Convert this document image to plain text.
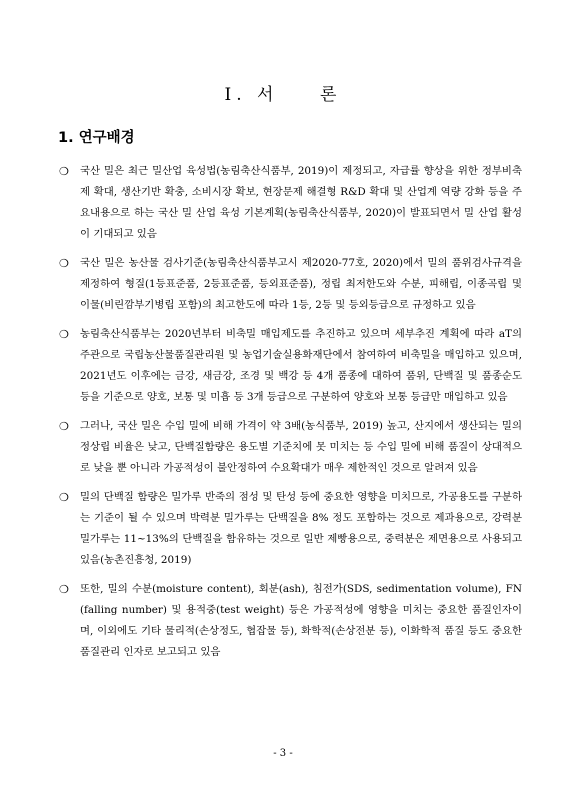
Ⅰ. 서    론
1. 연구배경
❍ 국산 밀은 최근 밀산업 육성법(농림축산식품부, 2019)이 제정되고, 자급률 향상을 위한 정부비축제 확대, 생산기반 확충, 소비시장 확보, 현장문제 해결형 R&D 확대 및 산업계 역량 강화 등을 주요내용으로 하는 국산 밀 산업 육성 기본계획(농림축산식품부, 2020)이 발표되면서 밀 산업 활성이 기대되고 있음
❍ 국산 밀은 농산물 검사기준(농림축산식품부고시 제2020-77호, 2020)에서 밀의 품위검사규격을 제정하여 형질(1등표준품, 2등표준품, 등외표준품), 정립 최저한도와 수분, 피해립, 이종곡립 및 이물(비린깜부기병립 포함)의 최고한도에 따라 1등, 2등 및 등외등급으로 규정하고 있음
❍ 농림축산식품부는 2020년부터 비축밀 매입제도를 추진하고 있으며 세부추진 계획에 따라 aT의 주관으로 국립농산물품질관리원 및 농업기술실용화재단에서 참여하여 비축밀을 매입하고 있으며, 2021년도 이후에는 금강, 새금강, 조경 및 백강 등 4개 품종에 대하여 품위, 단백질 및 품종순도 등을 기준으로 양호, 보통 및 미흡 등 3개 등급으로 구분하여 양호와 보통 등급만 매입하고 있음
❍ 그러나, 국산 밀은 수입 밀에 비해 가격이 약 3배(농식품부, 2019) 높고, 산지에서 생산되는 밀의 정상립 비율은 낮고, 단백질함량은 용도별 기준치에 못 미치는 등 수입 밀에 비해 품질이 상대적으로 낮을 뿐 아니라 가공적성이 불안정하여 수요확대가 매우 제한적인 것으로 알려져 있음
❍ 밀의 단백질 함량은 밀가루 반죽의 점성 및 탄성 등에 중요한 영향을 미치므로, 가공용도를 구분하는 기준이 될 수 있으며 박력분 밀가루는 단백질을 8% 정도 포함하는 것으로 제과용으로, 강력분 밀가루는 11~13%의 단백질을 함유하는 것으로 일반 제빵용으로, 중력분은 제면용으로 사용되고 있음(농촌진흥청, 2019)
❍ 또한, 밀의 수분(moisture content), 회분(ash), 침전가(SDS, sedimentation volume), FN(falling number) 및 용적중(test weight) 등은 가공적성에 영향을 미치는 중요한 품질인자이며, 이외에도 기타 물리적(손상정도, 협잡물 등), 화학적(손상전분 등), 이화학적 품질 등도 중요한 품질관리 인자로 보고되고 있음
- 3 -
